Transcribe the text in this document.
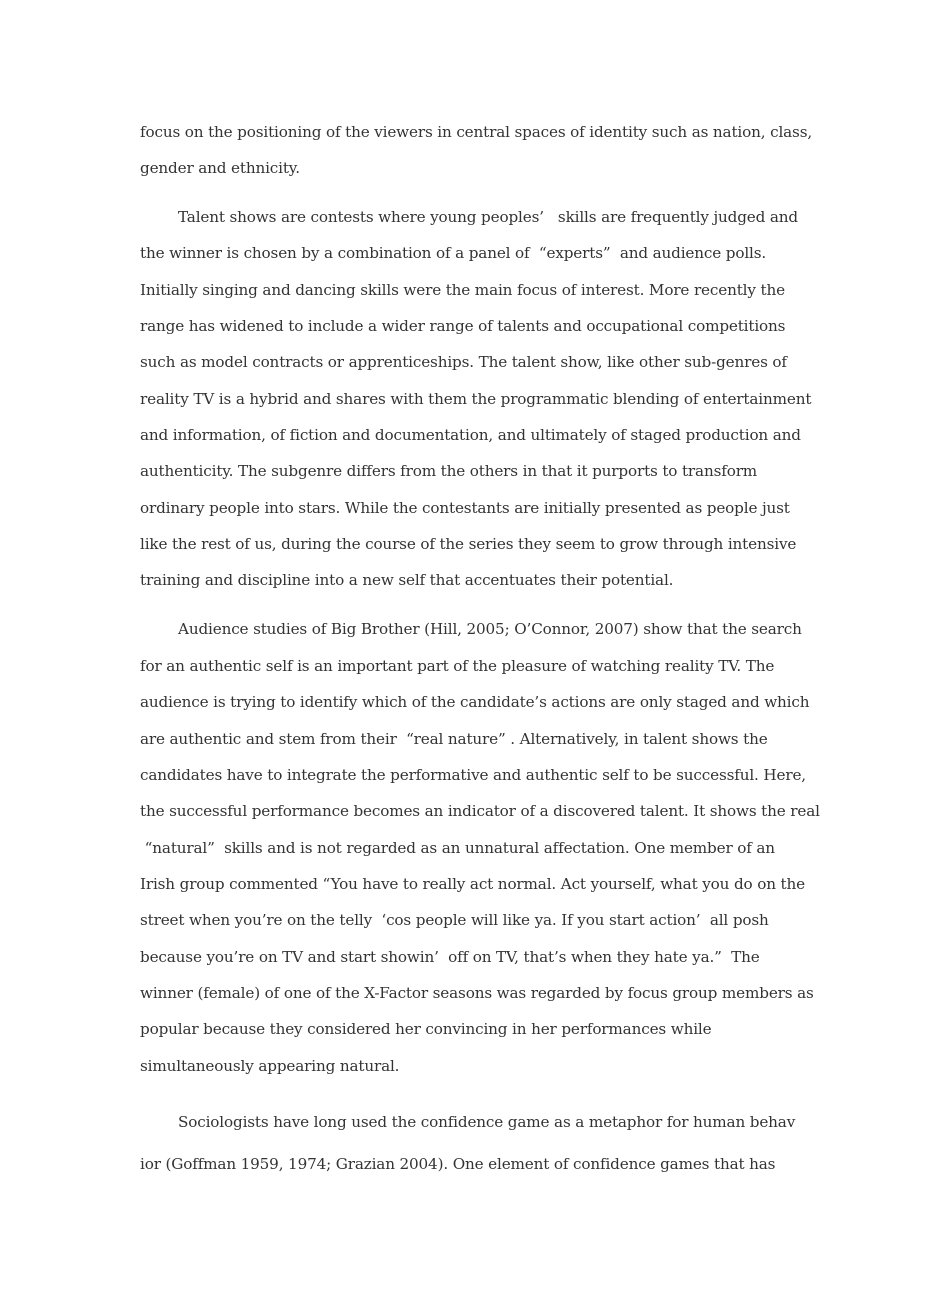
focus on the positioning of the viewers in central spaces of identity such as nation, class,
gender and ethnicity.
Talent shows are contests where young peoples’   skills are frequently judged and
the winner is chosen by a combination of a panel of  “experts”  and audience polls.
Initially singing and dancing skills were the main focus of interest. More recently the
range has widened to include a wider range of talents and occupational competitions
such as model contracts or apprenticeships. The talent show, like other sub-genres of
reality TV is a hybrid and shares with them the programmatic blending of entertainment
and information, of fiction and documentation, and ultimately of staged production and
authenticity. The subgenre differs from the others in that it purports to transform
ordinary people into stars. While the contestants are initially presented as people just
like the rest of us, during the course of the series they seem to grow through intensive
training and discipline into a new self that accentuates their potential.
Audience studies of Big Brother (Hill, 2005; O’Connor, 2007) show that the search
for an authentic self is an important part of the pleasure of watching reality TV. The
audience is trying to identify which of the candidate’s actions are only staged and which
are authentic and stem from their  “real nature” . Alternatively, in talent shows the
candidates have to integrate the performative and authentic self to be successful. Here,
the successful performance becomes an indicator of a discovered talent. It shows the real
“natural”  skills and is not regarded as an unnatural affectation. One member of an
Irish group commented “You have to really act normal. Act yourself, what you do on the
street when you’re on the telly  ‘cos people will like ya. If you start action’  all posh
because you’re on TV and start showin’  off on TV, that’s when they hate ya.”  The
winner (female) of one of the X-Factor seasons was regarded by focus group members as
popular because they considered her convincing in her performances while
simultaneously appearing natural.
Sociologists have long used the confidence game as a metaphor for human behav
ior (Goffman 1959, 1974; Grazian 2004). One element of confidence games that has
